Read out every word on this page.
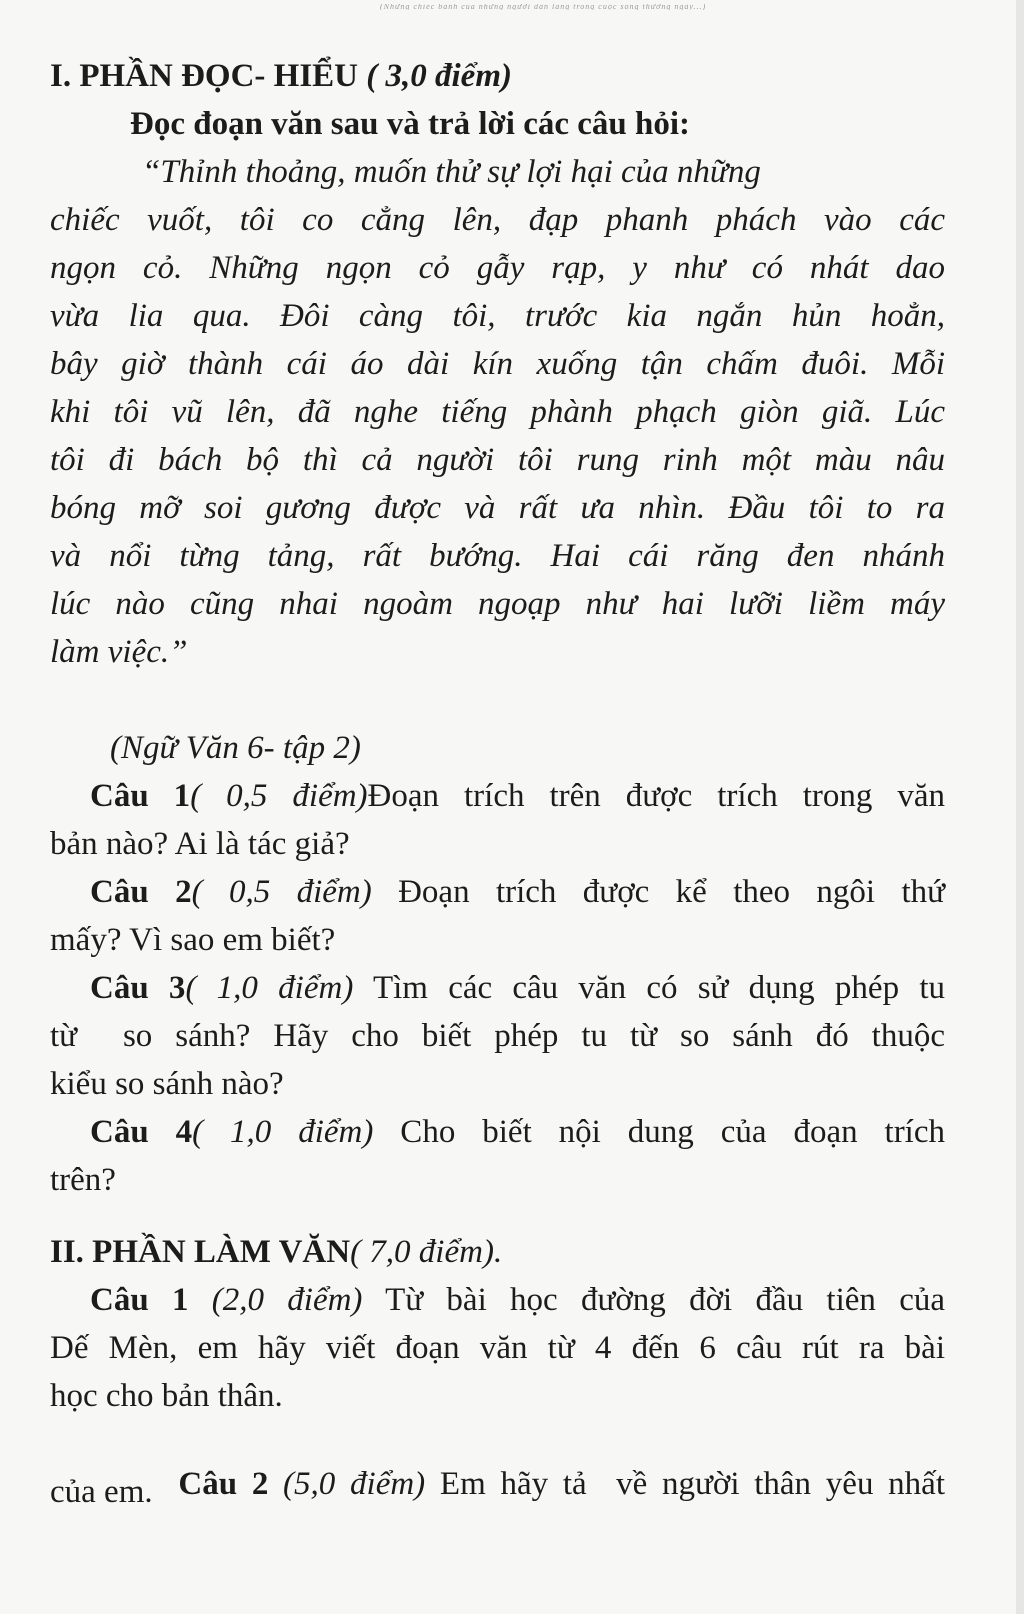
(Những chiếc bánh của những người dân làng trong cuộc sống thường ngày...)
I. PHẦN ĐỌC- HIỂU ( 3,0 điểm)
Đọc đoạn văn sau và trả lời các câu hỏi:
“Thỉnh thoảng, muốn thử sự lợi hại của những
chiếc vuốt, tôi co cẳng lên, đạp phanh phách vào các
ngọn cỏ. Những ngọn cỏ gẫy rạp, y như có nhát dao
vừa lia qua. Đôi càng tôi, trước kia ngắn hủn hoẳn,
bây giờ thành cái áo dài kín xuống tận chấm đuôi. Mỗi
khi tôi vũ lên, đã nghe tiếng phành phạch giòn giã. Lúc
tôi đi bách bộ thì cả người tôi rung rinh một màu nâu
bóng mỡ soi gương được và rất ưa nhìn. Đầu tôi to ra
và nổi từng tảng, rất bướng. Hai cái răng đen nhánh
lúc nào cũng nhai ngoàm ngoạp như hai lưỡi liềm máy
làm việc.”
(Ngữ Văn 6- tập 2)
Câu 1( 0,5 điểm)Đoạn trích trên được trích trong văn
bản nào? Ai là tác giả?
Câu 2( 0,5 điểm) Đoạn trích được kể theo ngôi thứ
mấy? Vì sao em biết?
Câu 3( 1,0 điểm) Tìm các câu văn có sử dụng phép tu
từ  so sánh? Hãy cho biết phép tu từ so sánh đó thuộc
kiểu so sánh nào?
Câu 4( 1,0 điểm) Cho biết nội dung của đoạn trích
trên?
II. PHẦN LÀM VĂN( 7,0 điểm).
Câu 1 (2,0 điểm) Từ bài học đường đời đầu tiên của
Dế Mèn, em hãy viết đoạn văn từ 4 đến 6 câu rút ra bài
học cho bản thân.

Câu 2 (5,0 điểm) Em hãy tả  về người thân yêu nhất

của em.
